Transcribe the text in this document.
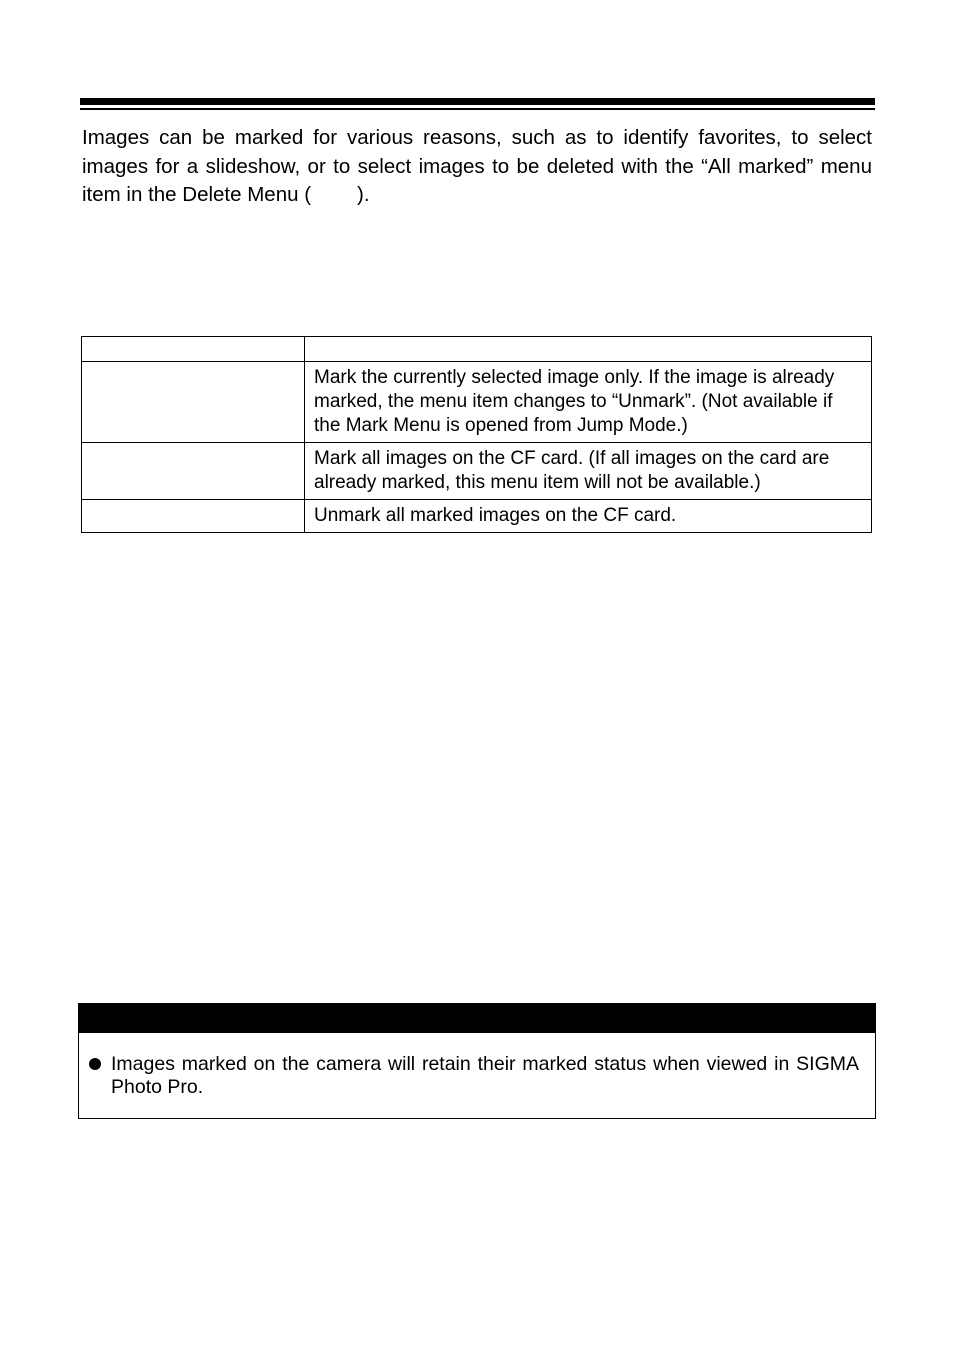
Images can be marked for various reasons, such as to identify favorites, to select images for a slideshow, or to select images to be deleted with the “All marked” menu item in the Delete Menu ( ).

	Mark the currently selected image only. If the image is already marked, the menu item changes to “Unmark”. (Not available if the Mark Menu is opened from Jump Mode.)
	Mark all images on the CF card. (If all images on the card are already marked, this menu item will not be available.)
	Unmark all marked images on the CF card.
Images marked on the camera will retain their marked status when viewed in SIGMA Photo Pro.
